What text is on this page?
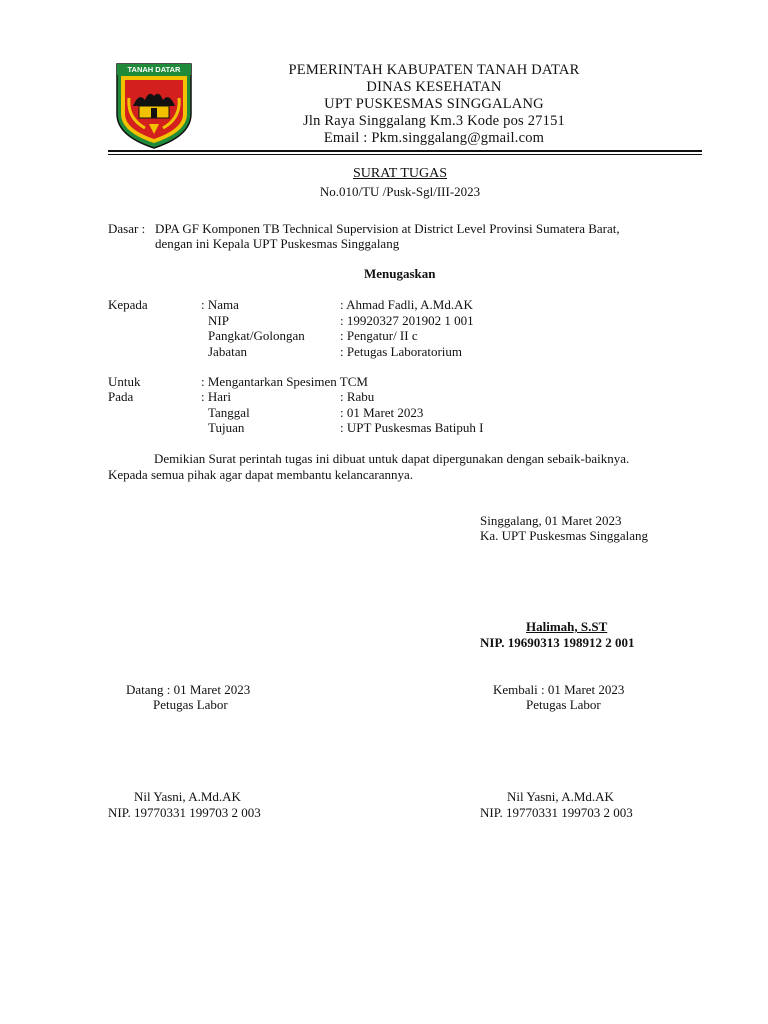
TANAH DATAR	PEMERINTAH KABUPATEN TANAH DATAR
DINAS KESEHATAN
UPT PUSKESMAS SINGGALANG
Jln Raya Singgalang Km.3 Kode pos 27151
Email : Pkm.singgalang@gmail.com
SURAT TUGAS
No.010/TU /Pusk-Sgl/III-2023
Dasar : DPA GF Komponen TB Technical Supervision at District Level Provinsi Sumatera Barat,
dengan ini Kepala UPT Puskesmas Singgalang
Menugaskan
Kepada	: Nama	: Ahmad Fadli, A.Md.AK
NIP	: 19920327 201902 1 001
Pangkat/Golongan	: Pengatur/ II c
Jabatan	: Petugas Laboratorium
Untuk	: Mengantarkan Spesimen TCM
Pada	: Hari	: Rabu
Tanggal	: 01 Maret 2023
Tujuan	: UPT Puskesmas Batipuh I
Demikian Surat perintah tugas ini dibuat untuk dapat dipergunakan dengan sebaik-baiknya.
Kepada semua pihak agar dapat membantu kelancarannya.
Singgalang, 01 Maret 2023
Ka. UPT Puskesmas Singgalang
Halimah, S.ST
NIP. 19690313 198912 2 001
Datang : 01 Maret 2023
Petugas Labor
Nil Yasni, A.Md.AK
NIP. 19770331 199703 2 003
Kembali : 01 Maret 2023
Petugas Labor
Nil Yasni, A.Md.AK
NIP. 19770331 199703 2 003
